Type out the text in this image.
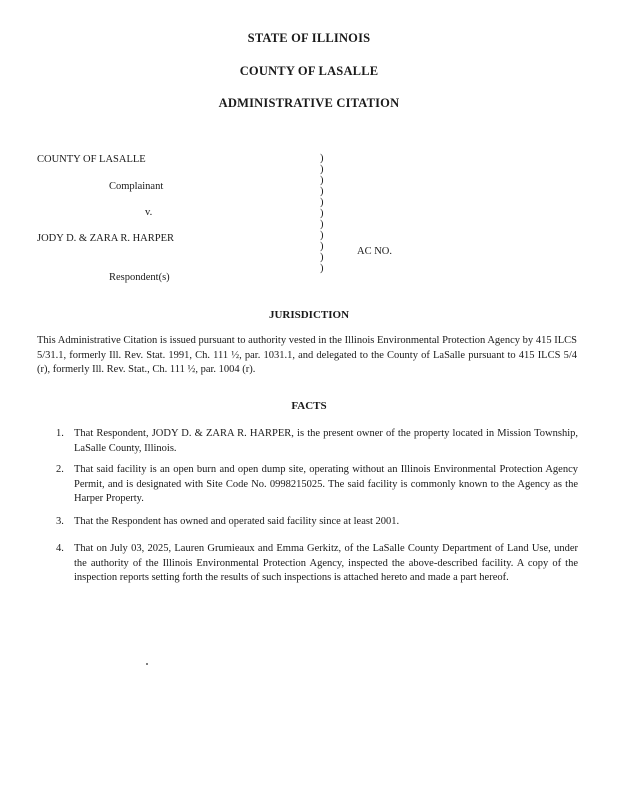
STATE OF ILLINOIS
COUNTY OF LASALLE
ADMINISTRATIVE CITATION
COUNTY OF LASALLE
Complainant
v.
JODY D. & ZARA R. HARPER
Respondent(s)
AC NO.
)
)
)
)
)
)
)
)
)
)
)
JURISDICTION
This Administrative Citation is issued pursuant to authority vested in the Illinois Environmental Protection Agency by 415 ILCS 5/31.1, formerly Ill. Rev. Stat. 1991, Ch. 111 ½, par. 1031.1, and delegated to the County of LaSalle pursuant to 415 ILCS 5/4 (r), formerly Ill. Rev. Stat., Ch. 111 ½, par. 1004 (r).
FACTS
1. That Respondent, JODY D. & ZARA R. HARPER, is the present owner of the property located in Mission Township, LaSalle County, Illinois.
2. That said facility is an open burn and open dump site, operating without an Illinois Environmental Protection Agency Permit, and is designated with Site Code No. 0998215025. The said facility is commonly known to the Agency as the Harper Property.
3. That the Respondent has owned and operated said facility since at least 2001.
4. That on July 03, 2025, Lauren Grumieaux and Emma Gerkitz, of the LaSalle County Department of Land Use, under the authority of the Illinois Environmental Protection Agency, inspected the above-described facility. A copy of the inspection reports setting forth the results of such inspections is attached hereto and made a part hereof.
